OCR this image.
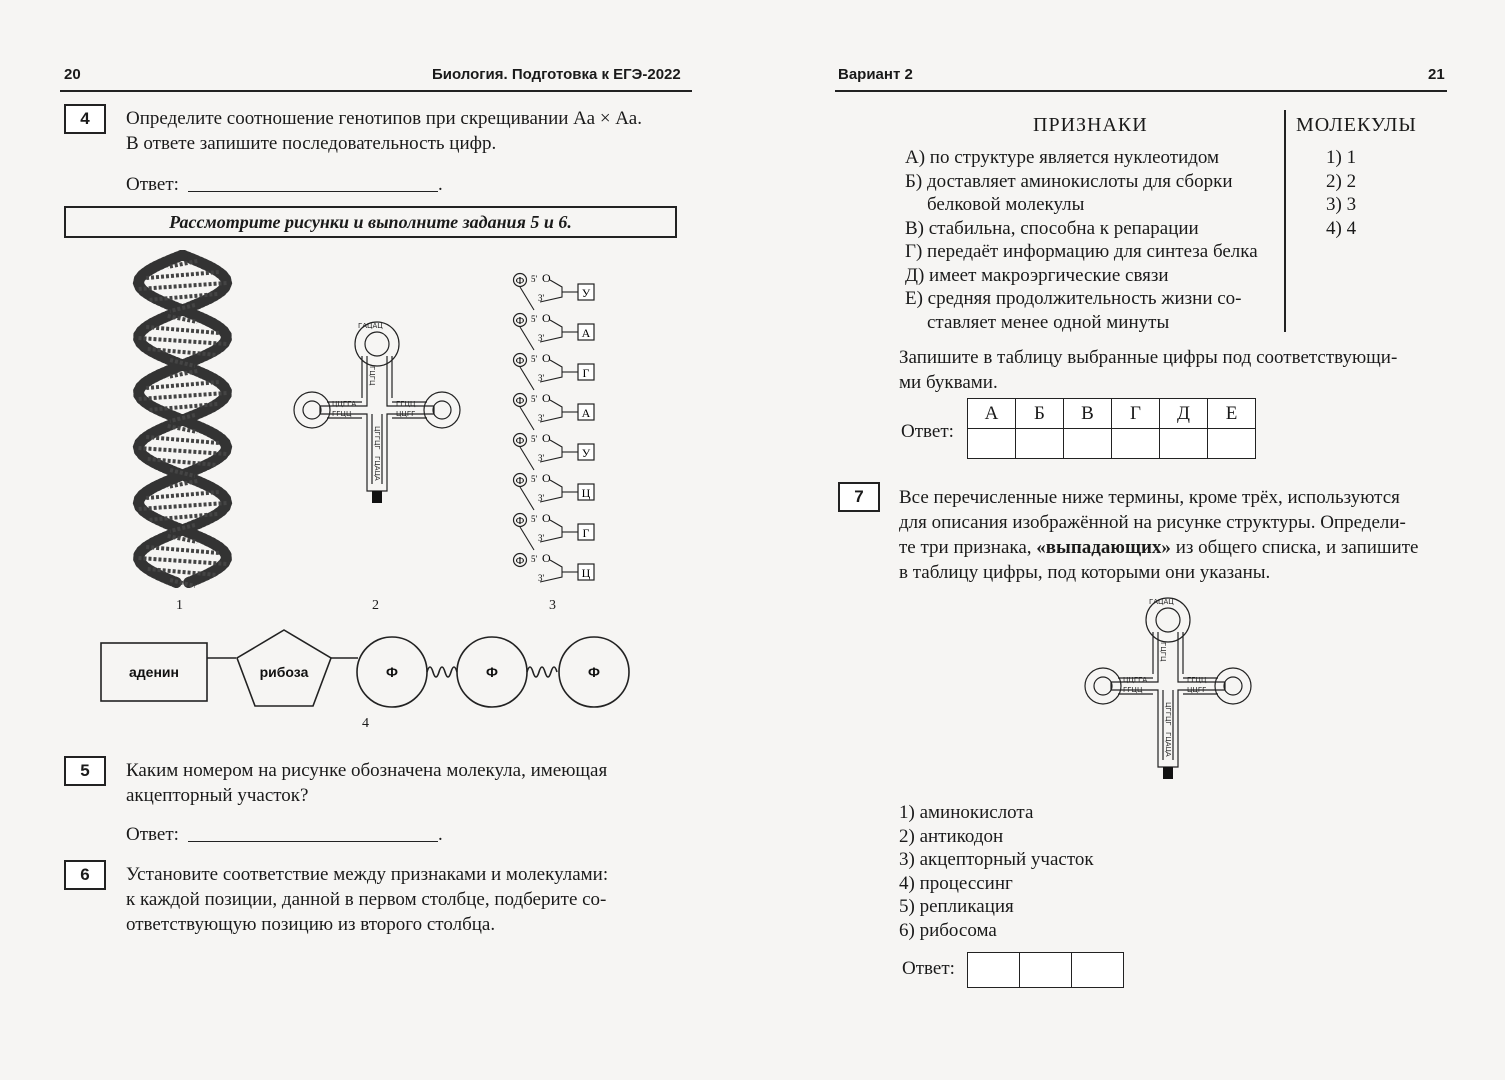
20	Биология. Подготовка к ЕГЭ-2022
4	Определите соотношение генотипов при скрещивании Аа × Аа.
В ответе запишите последовательность цифр.
Ответ:	.
Рассмотрите рисунки и выполните задания 5 и 6.
ГАЦАЦ
ЦЦГГА
ГГЦЦ
ГГЦЦ
ЦЦГГ
ЦГГЦГ
ГЦАЦА
ГЦГЦ
Ф 5' О
3'	У
Ф 5' О
3'	А
Ф 5' О
3'	Г
Ф 5' О
3'	А
Ф 5' О
3'	У
Ф 5' О
3'	Ц
Ф 5' О
3'	Г
Ф 5' О
3'	Ц
1	2	3
аденин	рибоза	Ф	Ф	Ф
4
5	Каким номером на рисунке обозначена молекула, имеющая
акцепторный участок?
Ответ:	.
6	Установите соответствие между признаками и молекулами:
к каждой позиции, данной в первом столбце, подберите со-
ответствующую позицию из второго столбца.
Вариант 2	21
ПРИЗНАКИ	МОЛЕКУЛЫ
А) по структуре является нуклеотидом
Б) доставляет аминокислоты для сборки
белковой молекулы
В) стабильна, способна к репарации
Г) передаёт информацию для синтеза белка
Д) имеет макроэргические связи
Е) средняя продолжительность жизни со-
ставляет менее одной минуты
1) 1
2) 2
3) 3
4) 4
Запишите в таблицу выбранные цифры под соответствующи-
ми буквами.
Ответ:
А	Б	В	Г	Д	Е

7	Все перечисленные ниже термины, кроме трёх, используются
для описания изображённой на рисунке структуры. Определи-
те три признака, «выпадающих» из общего списка, и запишите
в таблицу цифры, под которыми они указаны.
ГАЦАЦ
ЦЦГГА
ГГЦЦ
ГГЦЦ
ЦЦГГ
ЦГГЦГ
ГЦАЦА
ГЦГЦ
1) аминокислота
2) антикодон
3) акцепторный участок
4) процессинг
5) репликация
6) рибосома
Ответ:
